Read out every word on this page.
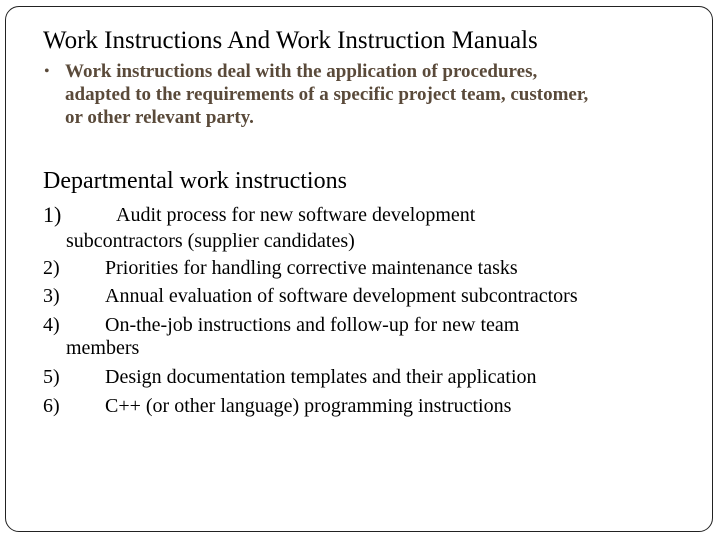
Work Instructions And Work Instruction Manuals
• Work instructions deal with the application of procedures,
adapted to the requirements of a specific project team, customer,
or other relevant party.
Departmental work instructions
1)	Audit process for new software development
subcontractors (supplier candidates)
2) Priorities for handling corrective maintenance tasks
3) Annual evaluation of software development subcontractors
4) On-the-job instructions and follow-up for new team
members
5) Design documentation templates and their application
6) C++ (or other language) programming instructions
